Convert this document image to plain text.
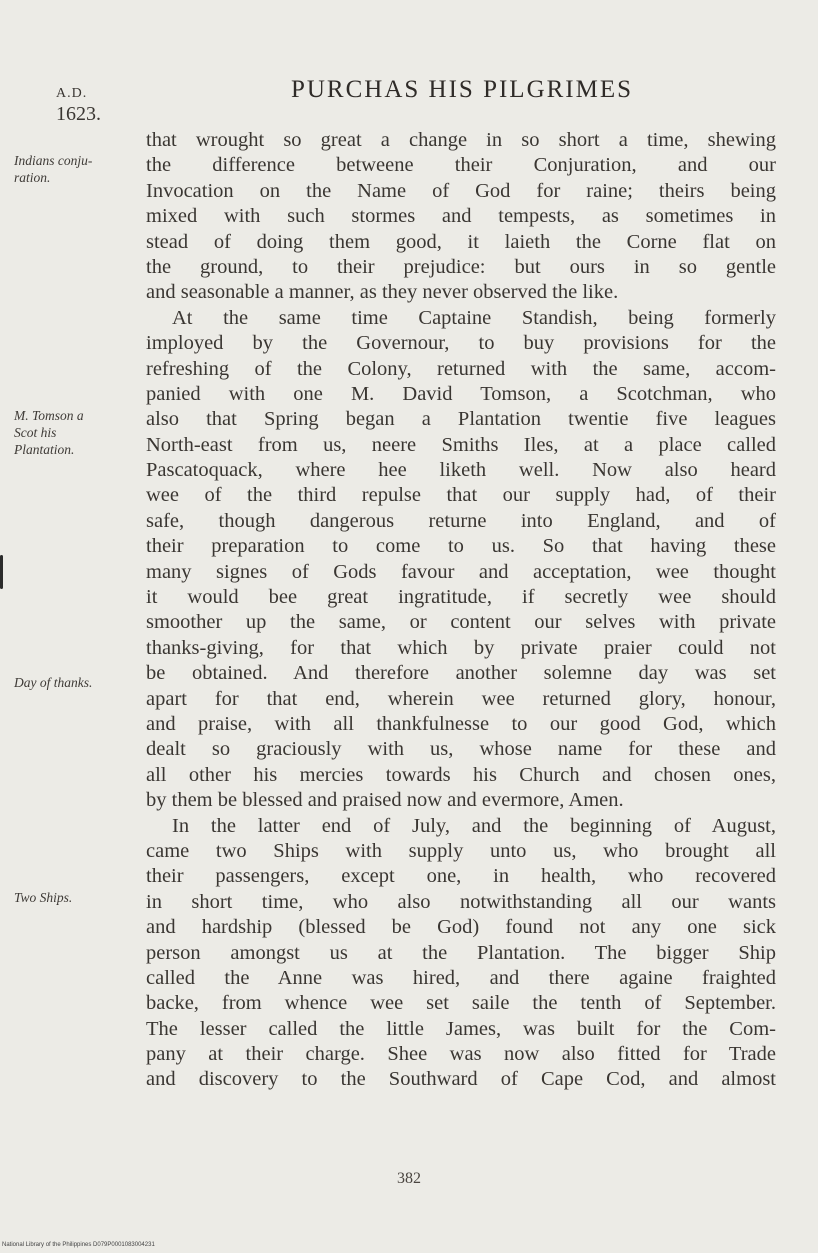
A.D.
1623.
PURCHAS HIS PILGRIMES
Indians conju-
ration.
M. Tomson a
Scot his
Plantation.
Day of thanks.
Two Ships.
that wrought so great a change in so short a time, shewing
the difference betweene their Conjuration, and our
Invocation on the Name of God for raine; theirs being
mixed with such stormes and tempests, as sometimes in
stead of doing them good, it laieth the Corne flat on
the ground, to their prejudice: but ours in so gentle
and seasonable a manner, as they never observed the like.
At the same time Captaine Standish, being formerly
imployed by the Governour, to buy provisions for the
refreshing of the Colony, returned with the same, accom-
panied with one M. David Tomson, a Scotchman, who
also that Spring began a Plantation twentie five leagues
North-east from us, neere Smiths Iles, at a place called
Pascatoquack, where hee liketh well. Now also heard
wee of the third repulse that our supply had, of their
safe, though dangerous returne into England, and of
their preparation to come to us. So that having these
many signes of Gods favour and acceptation, wee thought
it would bee great ingratitude, if secretly wee should
smoother up the same, or content our selves with private
thanks-giving, for that which by private praier could not
be obtained. And therefore another solemne day was set
apart for that end, wherein wee returned glory, honour,
and praise, with all thankfulnesse to our good God, which
dealt so graciously with us, whose name for these and
all other his mercies towards his Church and chosen ones,
by them be blessed and praised now and evermore, Amen.
In the latter end of July, and the beginning of August,
came two Ships with supply unto us, who brought all
their passengers, except one, in health, who recovered
in short time, who also notwithstanding all our wants
and hardship (blessed be God) found not any one sick
person amongst us at the Plantation. The bigger Ship
called the Anne was hired, and there againe fraighted
backe, from whence wee set saile the tenth of September.
The lesser called the little James, was built for the Com-
pany at their charge. Shee was now also fitted for Trade
and discovery to the Southward of Cape Cod, and almost
382
National Library of the Philippines D079P0001083004231
